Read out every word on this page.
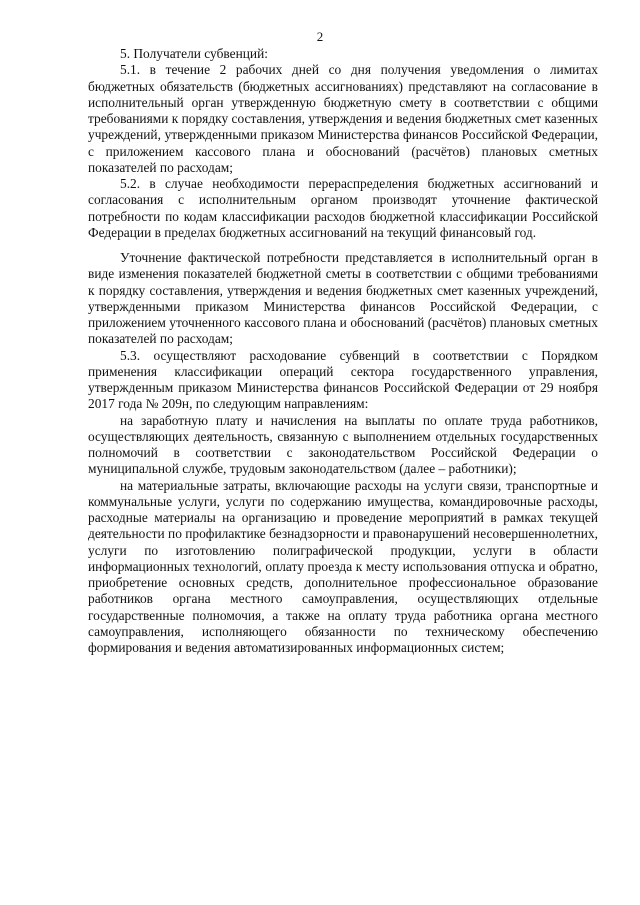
2

5. Получатели субвенций:

5.1. в течение 2 рабочих дней со дня получения уведомления о лимитах бюджетных обязательств (бюджетных ассигнованиях) представляют на согласование в исполнительный орган утвержденную бюджетную смету в соответствии с общими требованиями к порядку составления, утверждения и ведения бюджетных смет казенных учреждений, утвержденными приказом Министерства финансов Российской Федерации, с приложением кассового плана и обоснований (расчётов) плановых сметных показателей по расходам;

5.2. в случае необходимости перераспределения бюджетных ассигнований и согласования с исполнительным органом производят уточнение фактической потребности по кодам классификации расходов бюджетной классификации Российской Федерации в пределах бюджетных ассигнований на текущий финансовый год.

Уточнение фактической потребности представляется в исполнительный орган в виде изменения показателей бюджетной сметы в соответствии с общими требованиями к порядку составления, утверждения и ведения бюджетных смет казенных учреждений, утвержденными приказом Министерства финансов Российской Федерации, с приложением уточненного кассового плана и обоснований (расчётов) плановых сметных показателей по расходам;

5.3. осуществляют расходование субвенций в соответствии с Порядком применения классификации операций сектора государственного управления, утвержденным приказом Министерства финансов Российской Федерации от 29 ноября 2017 года № 209н, по следующим направлениям:

на заработную плату и начисления на выплаты по оплате труда работников, осуществляющих деятельность, связанную с выполнением отдельных государственных полномочий в соответствии с законодательством Российской Федерации о муниципальной службе, трудовым законодательством (далее – работники);

на материальные затраты, включающие расходы на услуги связи, транспортные и коммунальные услуги, услуги по содержанию имущества, командировочные расходы, расходные материалы на организацию и проведение мероприятий в рамках текущей деятельности по профилактике безнадзорности и правонарушений несовершеннолетних, услуги по изготовлению полиграфической продукции, услуги в области информационных технологий, оплату проезда к месту использования отпуска и обратно, приобретение основных средств, дополнительное профессиональное образование работников органа местного самоуправления, осуществляющих отдельные государственные полномочия, а также на оплату труда работника органа местного самоуправления, исполняющего обязанности по техническому обеспечению формирования и ведения автоматизированных информационных систем;
